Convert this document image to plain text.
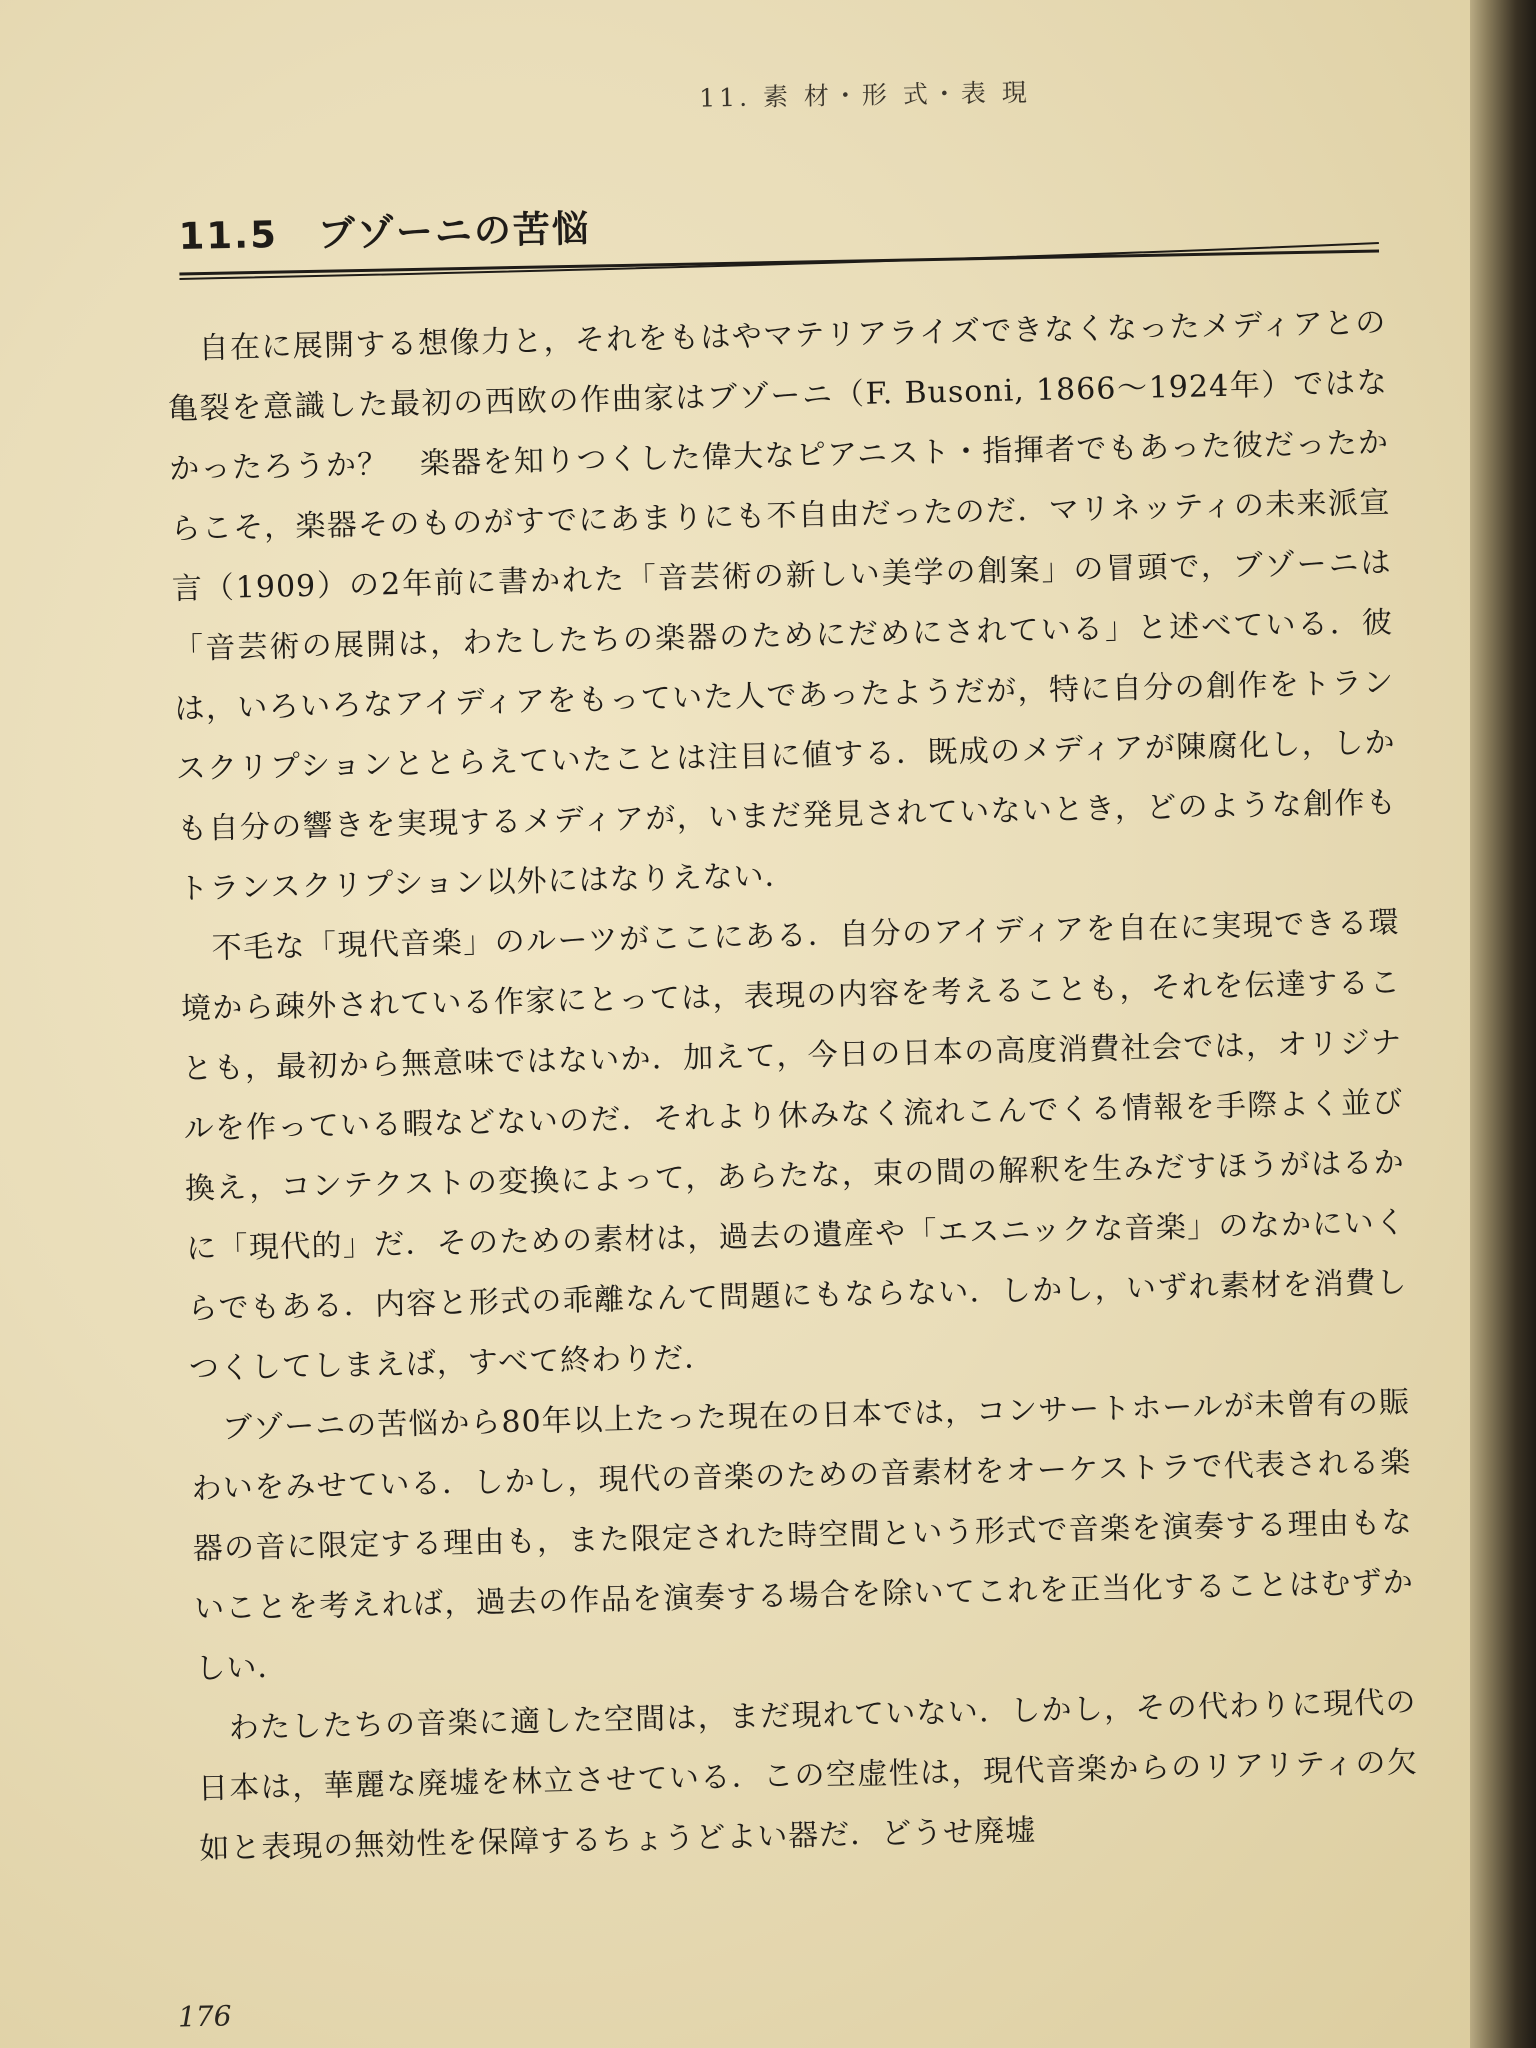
11. 素 材・形 式・表 現
11.5 ブゾーニの苦悩

自在に展開する想像力と，それをもはやマテリアライズできなくなったメディアとの亀裂を意識した最初の西欧の作曲家はブゾーニ（F. Busoni, 1866～1924年）ではなかったろうか？　楽器を知りつくした偉大なピアニスト・指揮者でもあった彼だったからこそ，楽器そのものがすでにあまりにも不自由だったのだ．マリネッティの未来派宣言（1909）の2年前に書かれた「音芸術の新しい美学の創案」の冒頭で，ブゾーニは「音芸術の展開は，わたしたちの楽器のためにだめにされている」と述べている．彼は，いろいろなアイディアをもっていた人であったようだが，特に自分の創作をトランスクリプションととらえていたことは注目に値する．既成のメディアが陳腐化し，しかも自分の響きを実現するメディアが，いまだ発見されていないとき，どのような創作もトランスクリプション以外にはなりえない．

不毛な「現代音楽」のルーツがここにある．自分のアイディアを自在に実現できる環境から疎外されている作家にとっては，表現の内容を考えることも，それを伝達することも，最初から無意味ではないか．加えて，今日の日本の高度消費社会では，オリジナルを作っている暇などないのだ．それより休みなく流れこんでくる情報を手際よく並び換え，コンテクストの変換によって，あらたな，束の間の解釈を生みだすほうがはるかに「現代的」だ．そのための素材は，過去の遺産や「エスニックな音楽」のなかにいくらでもある．内容と形式の乖離なんて問題にもならない．しかし，いずれ素材を消費しつくしてしまえば，すべて終わりだ．

ブゾーニの苦悩から80年以上たった現在の日本では，コンサートホールが未曾有の賑わいをみせている．しかし，現代の音楽のための音素材をオーケストラで代表される楽器の音に限定する理由も，また限定された時空間という形式で音楽を演奏する理由もないことを考えれば，過去の作品を演奏する場合を除いてこれを正当化することはむずかしい．

わたしたちの音楽に適した空間は，まだ現れていない．しかし，その代わりに現代の日本は，華麗な廃墟を林立させている．この空虚性は，現代音楽からのリアリティの欠如と表現の無効性を保障するちょうどよい器だ．どうせ廃墟

176
